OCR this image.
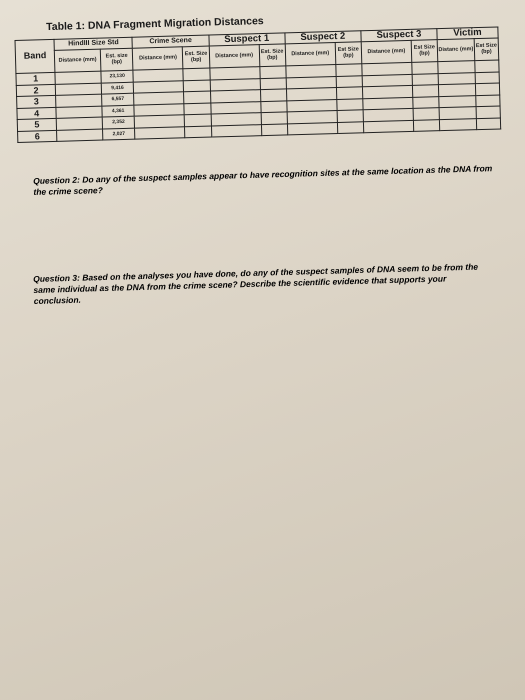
Table 1: DNA Fragment Migration Distances
Band	HindIII Size Std		Crime Scene		Suspect 1		Suspect 2		Suspect 3		Victim	
	Distance (mm)	Est. size (bp)	Distance (mm)	Est. Size (bp)	Distance (mm)	Est. Size (bp)	Distance (mm)	Est Size (bp)	Distance (mm)	Est Size (bp)	Distanc (mm)	Est Size (bp)
1		23,130										
2		9,416										
3		6,557										
4		4,361										
5		2,352										
6		2,027										
Question 2: Do any of the suspect samples appear to have recognition sites at the same location as the DNA from the crime scene?
Question 3: Based on the analyses you have done, do any of the suspect samples of DNA seem to be from the same individual as the DNA from the crime scene? Describe the scientific evidence that supports your conclusion.
